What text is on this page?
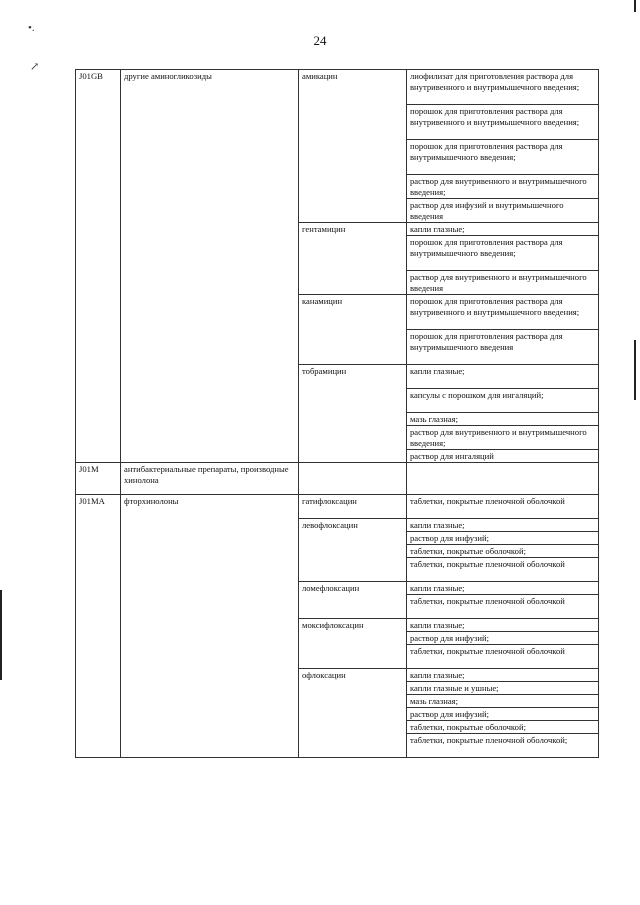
•.
↗
24
J01GB	другие аминогликозиды	амикацин	лиофилизат для приготовления раствора для внутривенного и внутримышечного введения;
			порошок для приготовления раствора для внутривенного и внутримышечного введения;
			порошок для приготовления раствора для внутримышечного введения;
			раствор для внутривенного и внутримышечного введения;
			раствор для инфузий и внутримышечного введения
		гентамицин	капли глазные;
			порошок для приготовления раствора для внутримышечного введения;
			раствор для внутривенного и внутримышечного введения
		канамицин	порошок для приготовления раствора для внутривенного и внутримышечного введения;
			порошок для приготовления раствора для внутримышечного введения
		тобрамицин	капли глазные;
			капсулы с порошком для ингаляций;
			мазь глазная;
			раствор для внутривенного и внутримышечного введения;
			раствор для ингаляций
J01M	антибактериальные препараты, производные хинолона		
J01MA	фторхинолоны	гатифлоксацин	таблетки, покрытые пленочной оболочкой
		левофлоксацин	капли глазные;
			раствор для инфузий;
			таблетки, покрытые оболочкой;
			таблетки, покрытые пленочной оболочкой
		ломефлоксацин	капли глазные;
			таблетки, покрытые пленочной оболочкой
		моксифлоксацин	капли глазные;
			раствор для инфузий;
			таблетки, покрытые пленочной оболочкой
		офлоксацин	капли глазные;
			капли глазные и ушные;
			мазь глазная;
			раствор для инфузий;
			таблетки, покрытые оболочкой;
			таблетки, покрытые пленочной оболочкой;
